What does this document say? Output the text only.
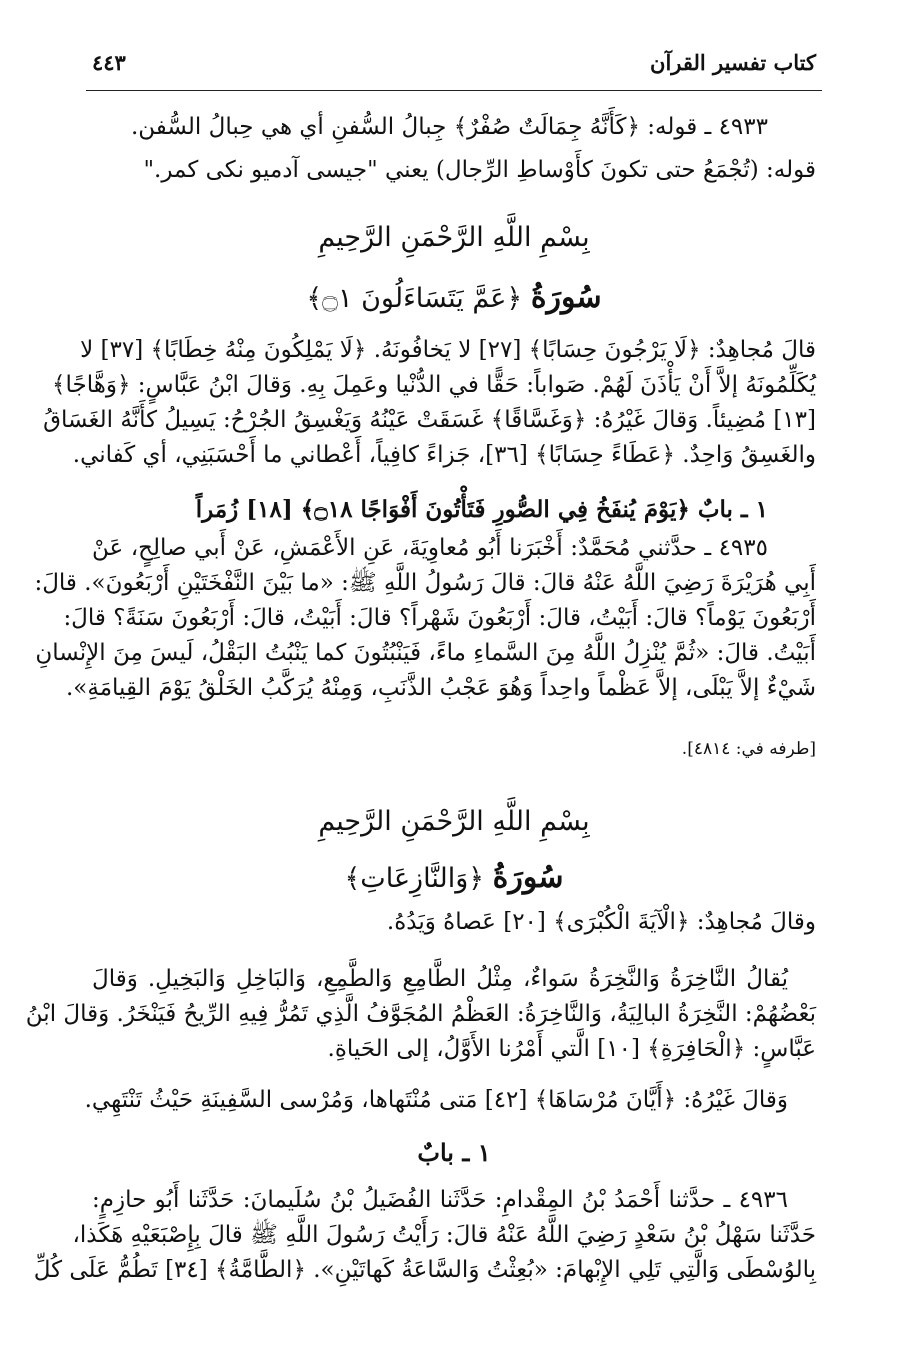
كتاب تفسير القرآن
٤٤٣
٤٩٣٣ ـ قوله: ﴿كَأَنَّهُ جِمَالَتٌ صُفْرٌ﴾ جِبالُ السُّفنِ أي هي حِبالُ السُّفن.
قوله: (تُجْمَعُ حتى تكونَ كأَوْساطِ الرِّجال) يعني "جيسى آدميو نكى كمر."
بِسْمِ اللَّهِ الرَّحْمَنِ الرَّحِيمِ
سُورَةُ ﴿عَمَّ يَتَسَاءَلُونَ ۝١﴾
قالَ مُجاهِدٌ: ﴿لَا يَرْجُونَ حِسَابًا﴾ [٢٧] لا يَخافُونَهُ. ﴿لَا يَمْلِكُونَ مِنْهُ خِطَابًا﴾ [٣٧] لا
يُكَلِّمُونَهُ إلاَّ أَنْ يَأْذَنَ لَهُمْ. صَواباً: حَقًّا في الدُّنْيا وعَمِلَ بِهِ. وَقالَ ابْنُ عَبَّاسٍ: ﴿وَهَّاجًا﴾
[١٣] مُضِيئاً. وَقالَ غَيْرُهُ: ﴿وَغَسَّاقًا﴾ غَسَقَتْ عَيْنُهُ وَيَغْسِقُ الجُرْحُ: يَسِيلُ كأَنَّهُ الغَسَاقُ
والغَسِقُ وَاحِدٌ. ﴿عَطَاءً حِسَابًا﴾ [٣٦]، جَزاءً كافِياً، أَعْطاني ما أَحْسَبَنِي، أي كَفاني.
١ ـ بابٌ ﴿يَوْمَ يُنفَخُ فِي الصُّورِ فَتَأْتُونَ أَفْوَاجًا ۝١٨﴾ [١٨] زُمَراً
٤٩٣٥ ـ حدَّثني مُحَمَّدٌ: أَخْبَرَنا أَبُو مُعاوِيَةَ، عَنِ الأَعْمَشِ، عَنْ أَبي صالِحٍ، عَنْ
أَبِي هُرَيْرَةَ رَضِيَ اللَّهُ عَنْهُ قالَ: قالَ رَسُولُ اللَّهِ ﷺ: «ما بَيْنَ النَّفْخَتَيْنِ أَرْبَعُونَ». قالَ:
أَرْبَعُونَ يَوْماً؟ قالَ: أَبَيْتُ، قالَ: أَرْبَعُونَ شَهْراً؟ قالَ: أَبَيْتُ، قالَ: أَرْبَعُونَ سَنَةً؟ قالَ:
أَبَيْتُ. قالَ: «ثُمَّ يُنْزِلُ اللَّهُ مِنَ السَّماءِ ماءً، فَيَنْبُتُونَ كما يَنْبُتُ البَقْلُ، لَيسَ مِنَ الإِنْسانِ
شَيْءٌ إلاَّ يَبْلَى، إلاَّ عَظْماً واحِداً وَهُوَ عَجْبُ الذَّنَبِ، وَمِنْهُ يُرَكَّبُ الخَلْقُ يَوْمَ القِيامَةِ».
[طرفه في: ٤٨١٤].
بِسْمِ اللَّهِ الرَّحْمَنِ الرَّحِيمِ
سُورَةُ ﴿وَالنَّازِعَاتِ﴾
وقالَ مُجاهِدٌ: ﴿الْآيَةَ الْكُبْرَى﴾ [٢٠] عَصاهُ وَيَدُهُ.
يُقالُ النَّاخِرَةُ وَالنَّخِرَةُ سَواءٌ، مِثْلُ الطَّامِعِ وَالطَّمِعِ، وَالبَاخِلِ وَالبَخِيلِ. وَقالَ
بَعْضُهُمْ: النَّخِرَةُ البالِيَةُ، وَالنَّاخِرَةُ: العَظْمُ المُجَوَّفُ الَّذِي تَمُرُّ فِيهِ الرِّيحُ فَيَنْخَرُ. وَقالَ ابْنُ
عَبَّاسٍ: ﴿الْحَافِرَةِ﴾ [١٠] الَّتي أَمْرُنا الأَوَّلُ، إلى الحَياةِ.
وَقالَ غَيْرُهُ: ﴿أَيَّانَ مُرْسَاهَا﴾ [٤٢] مَتى مُنْتَهاها، وَمُرْسى السَّفِينَةِ حَيْثُ تَنْتَهِي.
١ ـ بابٌ
٤٩٣٦ ـ حدَّثنا أَحْمَدُ بْنُ المِقْدامِ: حَدَّثَنا الفُضَيلُ بْنُ سُلَيمانَ: حَدَّثَنا أَبُو حازِمٍ:
حَدَّثَنا سَهْلُ بْنُ سَعْدٍ رَضِيَ اللَّهُ عَنْهُ قالَ: رَأَيْتُ رَسُولَ اللَّهِ ﷺ قالَ بِإِصْبَعَيْهِ هَكَذا،
بِالوُسْطَى وَالَّتِي تَلِي الإِبْهامَ: «بُعِثْتُ وَالسَّاعَةُ كَهاتَيْنِ». ﴿الطَّامَّةُ﴾ [٣٤] تَطُمُّ عَلَى كُلِّ
